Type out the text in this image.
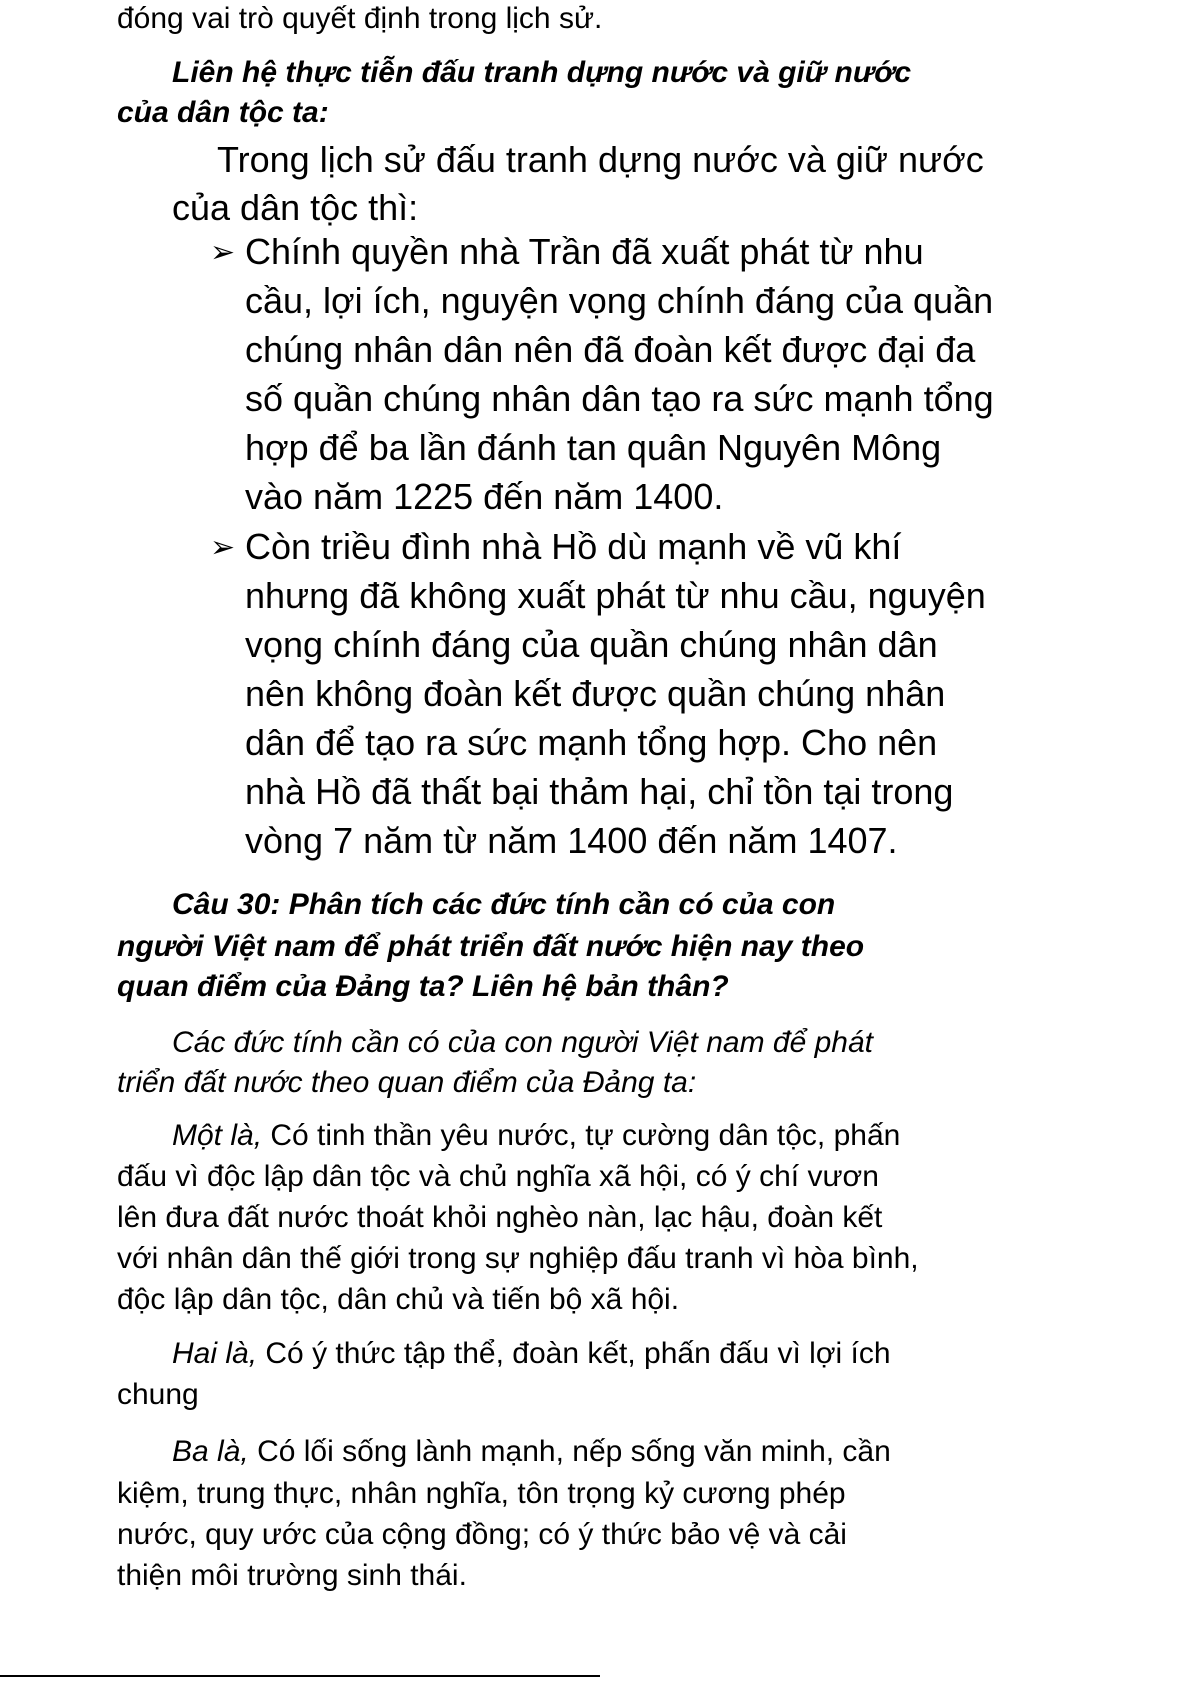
đóng vai trò quyết định trong lịch sử.
Liên hệ thực tiễn đấu tranh dựng nước và giữ nước
của dân tộc ta:
Trong lịch sử đấu tranh dựng nước và giữ nước
của dân tộc thì:
➢ Chính quyền nhà Trần đã xuất phát từ nhu
cầu, lợi ích, nguyện vọng chính đáng của quần
chúng nhân dân nên đã đoàn kết được đại đa
số quần chúng nhân dân tạo ra sức mạnh tổng
hợp để ba lần đánh tan quân Nguyên Mông
vào năm 1225 đến năm 1400.
➢ Còn triều đình nhà Hồ dù mạnh về vũ khí
nhưng đã không xuất phát từ nhu cầu, nguyện
vọng chính đáng của quần chúng nhân dân
nên không đoàn kết được quần chúng nhân
dân để tạo ra sức mạnh tổng hợp. Cho nên
nhà Hồ đã thất bại thảm hại, chỉ tồn tại trong
vòng 7 năm từ năm 1400 đến năm 1407.
Câu 30: Phân tích các đức tính cần có của con
người Việt nam để phát triển đất nước hiện nay theo
quan điểm của Đảng ta? Liên hệ bản thân?
Các đức tính cần có của con người Việt nam để phát
triển đất nước theo quan điểm của Đảng ta:
Một là, Có tinh thần yêu nước, tự cường dân tộc, phấn
đấu vì độc lập dân tộc và chủ nghĩa xã hội, có ý chí vươn
lên đưa đất nước thoát khỏi nghèo nàn, lạc hậu, đoàn kết
với nhân dân thế giới trong sự nghiệp đấu tranh vì hòa bình,
độc lập dân tộc, dân chủ và tiến bộ xã hội.
Hai là, Có ý thức tập thể, đoàn kết, phấn đấu vì lợi ích
chung
Ba là, Có lối sống lành mạnh, nếp sống văn minh, cần
kiệm, trung thực, nhân nghĩa, tôn trọng kỷ cương phép
nước, quy ước của cộng đồng; có ý thức bảo vệ và cải
thiện môi trường sinh thái.
